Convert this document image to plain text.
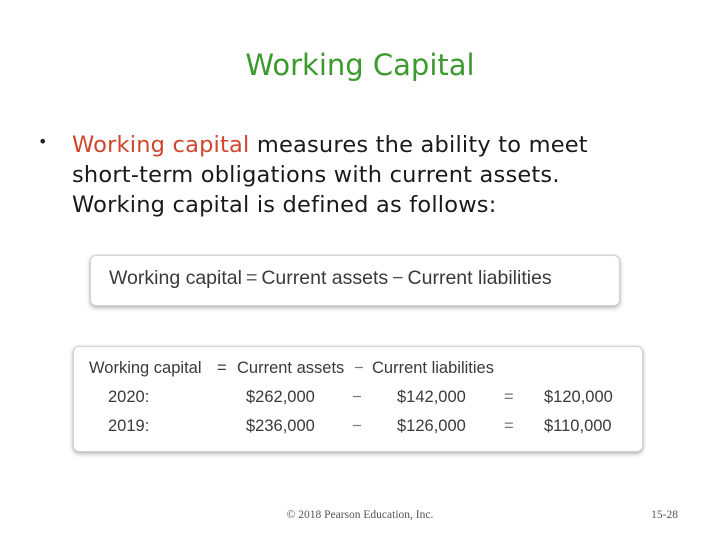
Working Capital
• Working capital measures the ability to meet
short-term obligations with current assets.
Working capital is defined as follows:
Working capital = Current assets − Current liabilities
Working capital = Current assets − Current liabilities
2020:	$262,000 − $142,000 = $120,000
2019:	$236,000 − $126,000 = $110,000
© 2018 Pearson Education, Inc.	15-28
